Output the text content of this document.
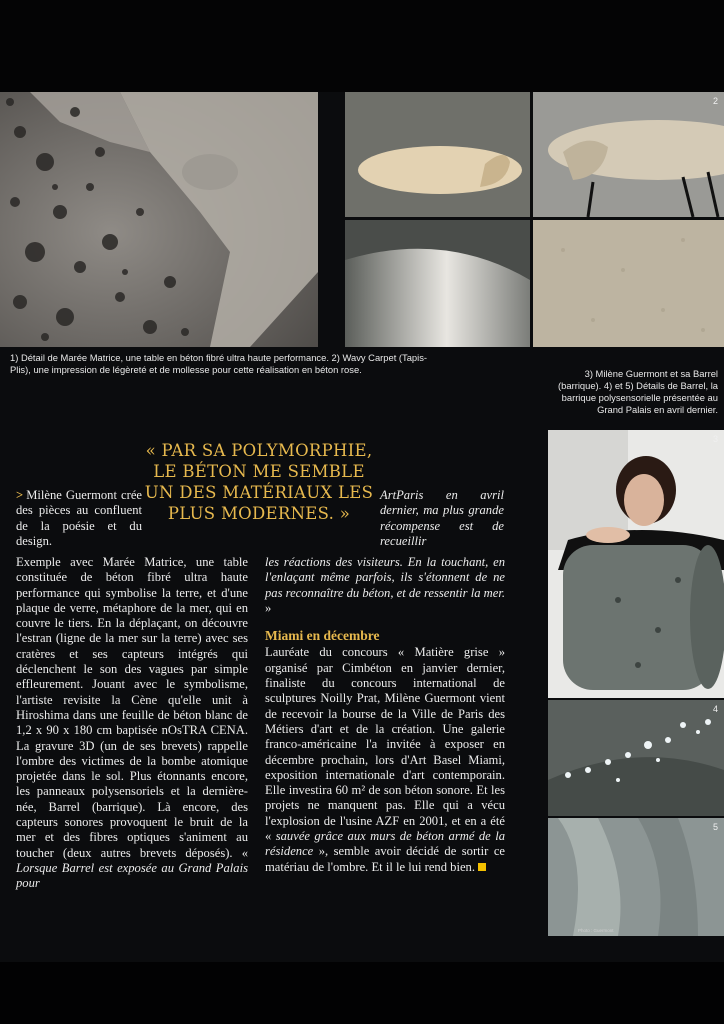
2
1) Détail de Marée Matrice, une table en béton fibré ultra haute performance. 2) Wavy Carpet (Tapis-Plis), une impression de légèreté et de mollesse pour cette réalisation en béton rose.	3) Milène Guermont et sa Barrel (barrique). 4) et 5) Détails de Barrel, la barrique polysensorielle présentée au Grand Palais en avril dernier.
3
4
5
Photo : Guermont
« PAR SA POLYMORPHIE, LE BÉTON ME SEMBLE UN DES MATÉRIAUX LES PLUS MODERNES. »

> Milène Guermont crée des pièces au confluent de la poésie et du design.

Exemple avec Marée Matrice, une table constituée de béton fibré ultra haute performance qui symbolise la terre, et d'une plaque de verre, métaphore de la mer, qui en couvre le tiers. En la déplaçant, on découvre l'estran (ligne de la mer sur la terre) avec ses cratères et ses capteurs intégrés qui déclenchent le son des vagues par simple effleurement. Jouant avec le symbolisme, l'artiste revisite la Cène qu'elle unit à Hiroshima dans une feuille de béton blanc de 1,2 x 90 x 180 cm baptisée nOsTRA CENA. La gravure 3D (un de ses brevets) rappelle l'ombre des victimes de la bombe atomique projetée dans le sol. Plus étonnants encore, les panneaux polysensoriels et la dernière-née, Barrel (barrique). Là encore, des capteurs sonores provoquent le bruit de la mer et des fibres optiques s'animent au toucher (deux autres brevets déposés). « Lorsque Barrel est exposée au Grand Palais pour

ArtParis en avril dernier, ma plus grande récompense est de recueillir

les réactions des visiteurs. En la touchant, en l'enlaçant même parfois, ils s'étonnent de ne pas reconnaître du béton, et de ressentir la mer. »

Miami en décembre

Lauréate du concours « Matière grise » organisé par Cimbéton en janvier dernier, finaliste du concours international de sculptures Noilly Prat, Milène Guermont vient de recevoir la bourse de la Ville de Paris des Métiers d'art et de la création. Une galerie franco-américaine l'a invitée à exposer en décembre prochain, lors d'Art Basel Miami, exposition internationale d'art contemporain. Elle investira 60 m² de son béton sonore. Et les projets ne manquent pas. Elle qui a vécu l'explosion de l'usine AZF en 2001, et en a été « sauvée grâce aux murs de béton armé de la résidence », semble avoir décidé de sortir ce matériau de l'ombre. Et il le lui rend bien.
